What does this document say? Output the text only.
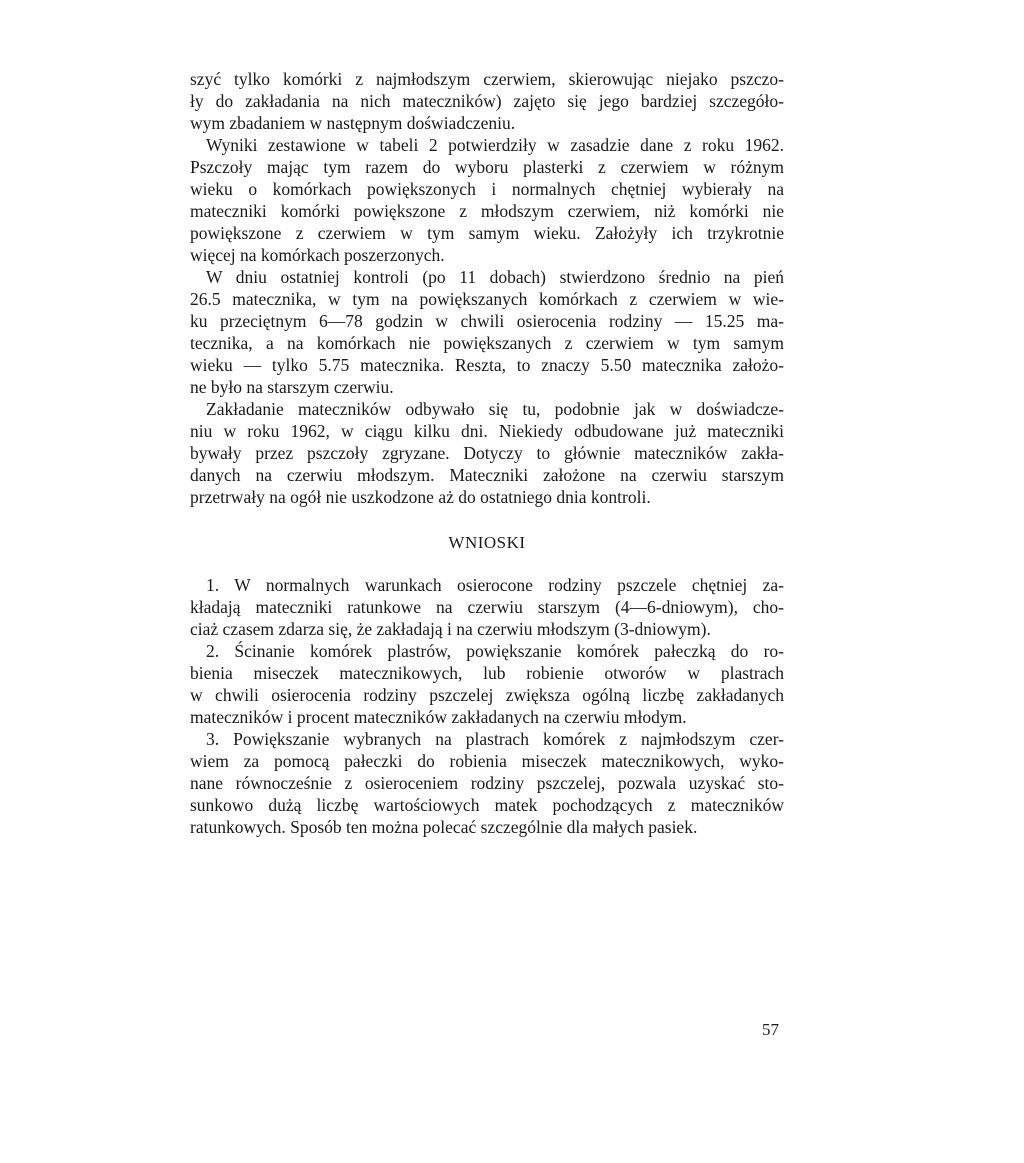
szyć tylko komórki z najmłodszym czerwiem, skierowując niejako pszczo-
ły do zakładania na nich mateczników) zajęto się jego bardziej szczegóło-
wym zbadaniem w następnym doświadczeniu.
Wyniki zestawione w tabeli 2 potwierdziły w zasadzie dane z roku 1962.
Pszczoły mając tym razem do wyboru plasterki z czerwiem w różnym
wieku o komórkach powiększonych i normalnych chętniej wybierały na
mateczniki komórki powiększone z młodszym czerwiem, niż komórki nie
powiększone z czerwiem w tym samym wieku. Założyły ich trzykrotnie
więcej na komórkach poszerzonych.
W dniu ostatniej kontroli (po 11 dobach) stwierdzono średnio na pień
26.5 matecznika, w tym na powiększanych komórkach z czerwiem w wie-
ku przeciętnym 6—78 godzin w chwili osierocenia rodziny — 15.25 ma-
tecznika, a na komórkach nie powiększanych z czerwiem w tym samym
wieku — tylko 5.75 matecznika. Reszta, to znaczy 5.50 matecznika założo-
ne było na starszym czerwiu.
Zakładanie mateczników odbywało się tu, podobnie jak w doświadcze-
niu w roku 1962, w ciągu kilku dni. Niekiedy odbudowane już mateczniki
bywały przez pszczoły zgryzane. Dotyczy to głównie mateczników zakła-
danych na czerwiu młodszym. Mateczniki założone na czerwiu starszym
przetrwały na ogół nie uszkodzone aż do ostatniego dnia kontroli.
WNIOSKI
1. W normalnych warunkach osierocone rodziny pszczele chętniej za-
kładają mateczniki ratunkowe na czerwiu starszym (4—6-dniowym), cho-
ciaż czasem zdarza się, że zakładają i na czerwiu młodszym (3-dniowym).
2. Ścinanie komórek plastrów, powiększanie komórek pałeczką do ro-
bienia miseczek matecznikowych, lub robienie otworów w plastrach
w chwili osierocenia rodziny pszczelej zwiększa ogólną liczbę zakładanych
mateczników i procent mateczników zakładanych na czerwiu młodym.
3. Powiększanie wybranych na plastrach komórek z najmłodszym czer-
wiem za pomocą pałeczki do robienia miseczek matecznikowych, wyko-
nane równocześnie z osieroceniem rodziny pszczelej, pozwala uzyskać sto-
sunkowo dużą liczbę wartościowych matek pochodzących z mateczników
ratunkowych. Sposób ten można polecać szczególnie dla małych pasiek.
57
